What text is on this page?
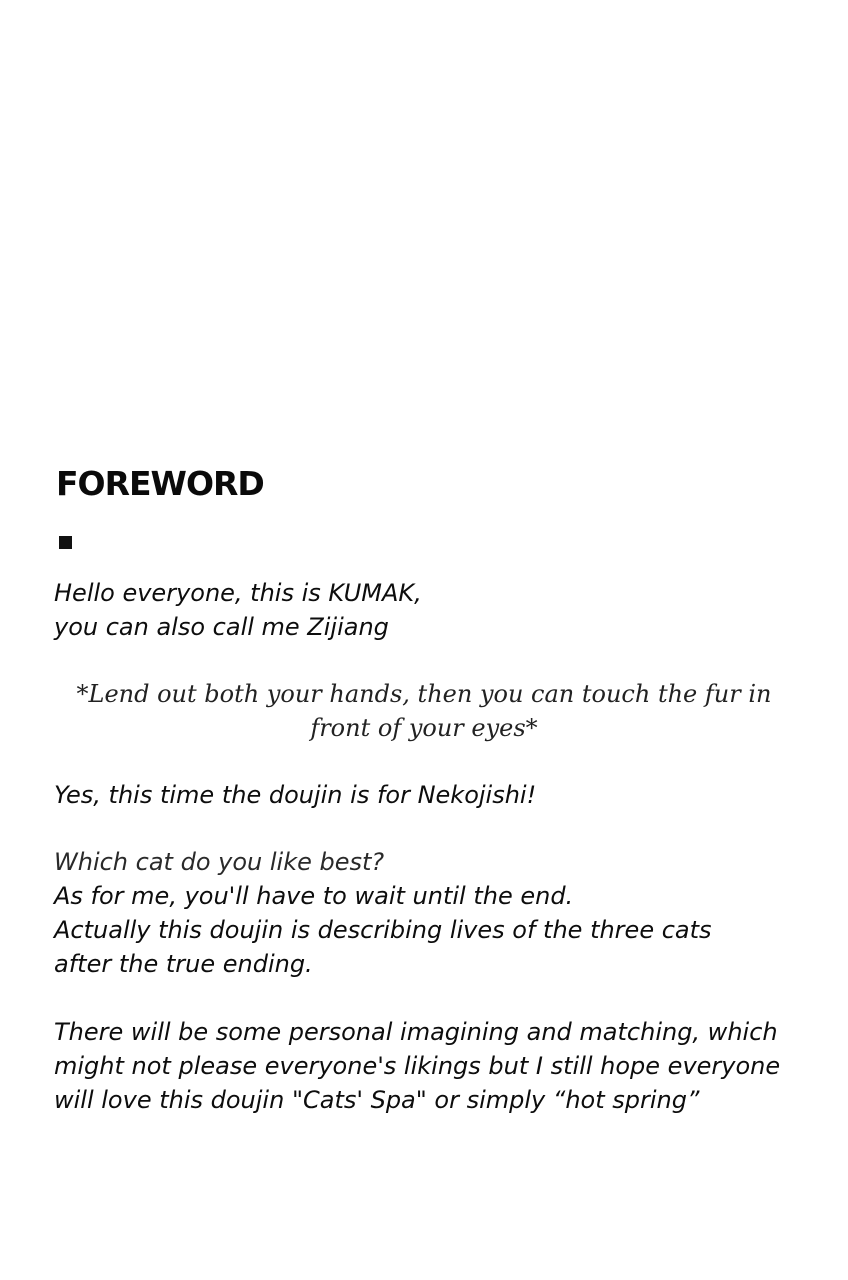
FOREWORD

Hello everyone, this is KUMAK,

you can also call me Zijiang

*Lend out both your hands, then you can touch the fur in

front of your eyes*

Yes, this time the doujin is for Nekojishi!

Which cat do you like best?

As for me, you'll have to wait until the end.

Actually this doujin is describing lives of the three cats

after the true ending.

There will be some personal imagining and matching, which

might not please everyone's likings but I still hope everyone

will love this doujin "Cats' Spa" or simply “hot spring”
